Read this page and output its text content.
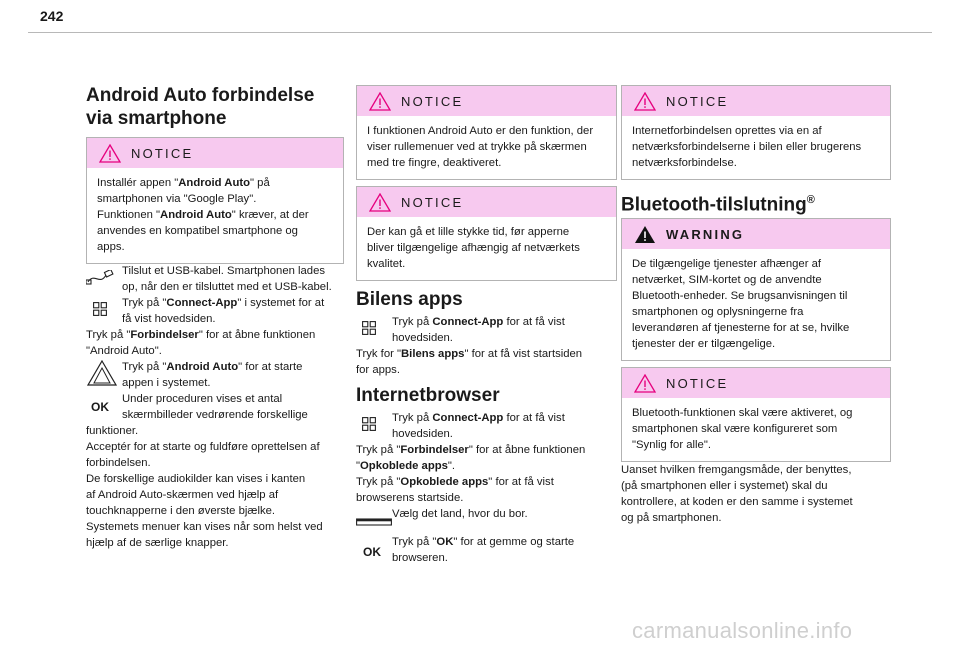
242
Android Auto forbindelse
via smartphone
NOTICE
Installér appen "Android Auto" på
smartphonen via "Google Play".
Funktionen "Android Auto" kræver, at der
anvendes en kompatibel smartphone og
apps.
Tilslut et USB-kabel. Smartphonen lades
op, når den er tilsluttet med et USB-kabel.
Tryk på "Connect-App" i systemet for at
få vist hovedsiden.
Tryk på "Forbindelser" for at åbne funktionen
"Android Auto".
Tryk på "Android Auto" for at starte
appen i systemet.
Under proceduren vises et antal
skærmbilleder vedrørende forskellige
funktioner.
Acceptér for at starte og fuldføre oprettelsen af
forbindelsen.
De forskellige audiokilder kan vises i kanten
af Android Auto-skærmen ved hjælp af
touchknapperne i den øverste bjælke.
Systemets menuer kan vises når som helst ved
hjælp af de særlige knapper.
OK
NOTICE
I funktionen Android Auto er den funktion, der
viser rullemenuer ved at trykke på skærmen
med tre fingre, deaktiveret.
NOTICE
Der kan gå et lille stykke tid, før apperne
bliver tilgængelige afhængig af netværkets
kvalitet.
Bilens apps
Tryk på Connect-App for at få vist
hovedsiden.
Tryk for "Bilens apps" for at få vist startsiden
for apps.
Internetbrowser
Tryk på Connect-App for at få vist
hovedsiden.
Tryk på "Forbindelser" for at åbne funktionen
"Opkoblede apps".
Tryk på "Opkoblede apps" for at få vist
browserens startside.
Vælg det land, hvor du bor.
Tryk på "OK" for at gemme og starte
browseren.
OK
NOTICE
Internetforbindelsen oprettes via en af
netværksforbindelserne i bilen eller brugerens
netværksforbindelse.
Bluetooth-tilslutning®
WARNING
De tilgængelige tjenester afhænger af
netværket, SIM-kortet og de anvendte
Bluetooth-enheder. Se brugsanvisningen til
smartphonen og oplysningerne fra
leverandøren af tjenesterne for at se, hvilke
tjenester der er tilgængelige.
NOTICE
Bluetooth-funktionen skal være aktiveret, og
smartphonen skal være konfigureret som
"Synlig for alle".
Uanset hvilken fremgangsmåde, der benyttes,
(på smartphonen eller i systemet) skal du
kontrollere, at koden er den samme i systemet
og på smartphonen.
carmanualsonline.info
